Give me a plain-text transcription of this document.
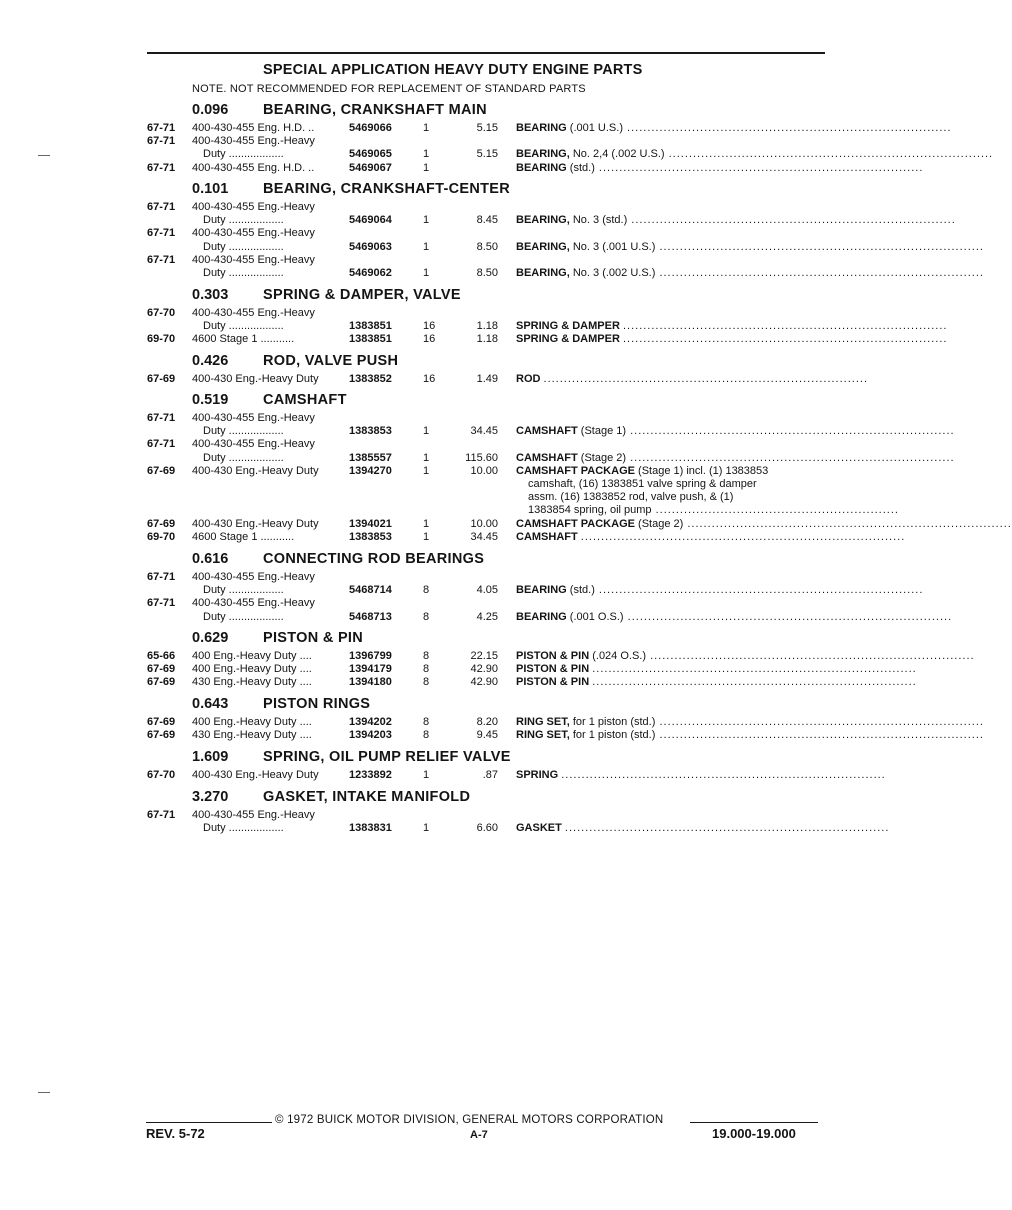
SPECIAL APPLICATION HEAVY DUTY ENGINE PARTS
NOTE. NOT RECOMMENDED FOR REPLACEMENT OF STANDARD PARTS
0.096 BEARING, CRANKSHAFT MAIN
67-71 400-430-455 Eng. H.D. ..	5469066	1	5.15 BEARING (.001 U.S.) ................................................................................
67-71 400-430-455 Eng.-Heavy
Duty ..................	5469065	1	5.15 BEARING, No. 2,4 (.002 U.S.) ................................................................................
67-71 400-430-455 Eng. H.D. ..	5469067	1	BEARING (std.) ................................................................................
0.101 BEARING, CRANKSHAFT-CENTER
67-71 400-430-455 Eng.-Heavy
Duty ..................	5469064	1	8.45 BEARING, No. 3 (std.) ................................................................................
67-71 400-430-455 Eng.-Heavy
Duty ..................	5469063	1	8.50 BEARING, No. 3 (.001 U.S.) ................................................................................
67-71 400-430-455 Eng.-Heavy
Duty ..................	5469062	1	8.50 BEARING, No. 3 (.002 U.S.) ................................................................................
0.303 SPRING & DAMPER, VALVE
67-70 400-430-455 Eng.-Heavy
Duty ..................	1383851	16	1.18 SPRING & DAMPER ................................................................................
69-70 4600 Stage 1 ...........	1383851	16	1.18 SPRING & DAMPER ................................................................................
0.426 ROD, VALVE PUSH
67-69 400-430 Eng.-Heavy Duty	1383852	16	1.49 ROD ................................................................................
0.519 CAMSHAFT
67-71 400-430-455 Eng.-Heavy
Duty ..................	1383853	1	34.45 CAMSHAFT (Stage 1) ................................................................................
67-71 400-430-455 Eng.-Heavy
Duty ..................	1385557	1	115.60 CAMSHAFT (Stage 2) ................................................................................
67-69 400-430 Eng.-Heavy Duty	1394270	1	10.00 CAMSHAFT PACKAGE (Stage 1) incl. (1) 1383853
camshaft, (16) 1383851 valve spring & damper
assm. (16) 1383852 rod, valve push, & (1)
1383854 spring, oil pump ............................................................
67-69 400-430 Eng.-Heavy Duty	1394021	1	10.00 CAMSHAFT PACKAGE (Stage 2) ................................................................................
69-70 4600 Stage 1 ...........	1383853	1	34.45 CAMSHAFT ................................................................................
0.616 CONNECTING ROD BEARINGS
67-71 400-430-455 Eng.-Heavy
Duty ..................	5468714	8	4.05 BEARING (std.) ................................................................................
67-71 400-430-455 Eng.-Heavy
Duty ..................	5468713	8	4.25 BEARING (.001 O.S.) ................................................................................
0.629 PISTON & PIN
65-66 400 Eng.-Heavy Duty ....	1396799	8	22.15 PISTON & PIN (.024 O.S.) ................................................................................
67-69 400 Eng.-Heavy Duty ....	1394179	8	42.90 PISTON & PIN ................................................................................
67-69 430 Eng.-Heavy Duty ....	1394180	8	42.90 PISTON & PIN ................................................................................
0.643 PISTON RINGS
67-69 400 Eng.-Heavy Duty ....	1394202	8	8.20 RING SET, for 1 piston (std.) ................................................................................
67-69 430 Eng.-Heavy Duty ....	1394203	8	9.45 RING SET, for 1 piston (std.) ................................................................................
1.609 SPRING, OIL PUMP RELIEF VALVE
67-70 400-430 Eng.-Heavy Duty	1233892	1	.87 SPRING ................................................................................
3.270 GASKET, INTAKE MANIFOLD
67-71 400-430-455 Eng.-Heavy
Duty ..................	1383831	1	6.60 GASKET ................................................................................
© 1972 BUICK MOTOR DIVISION, GENERAL MOTORS CORPORATION
REV. 5-72	A-7	19.000-19.000
